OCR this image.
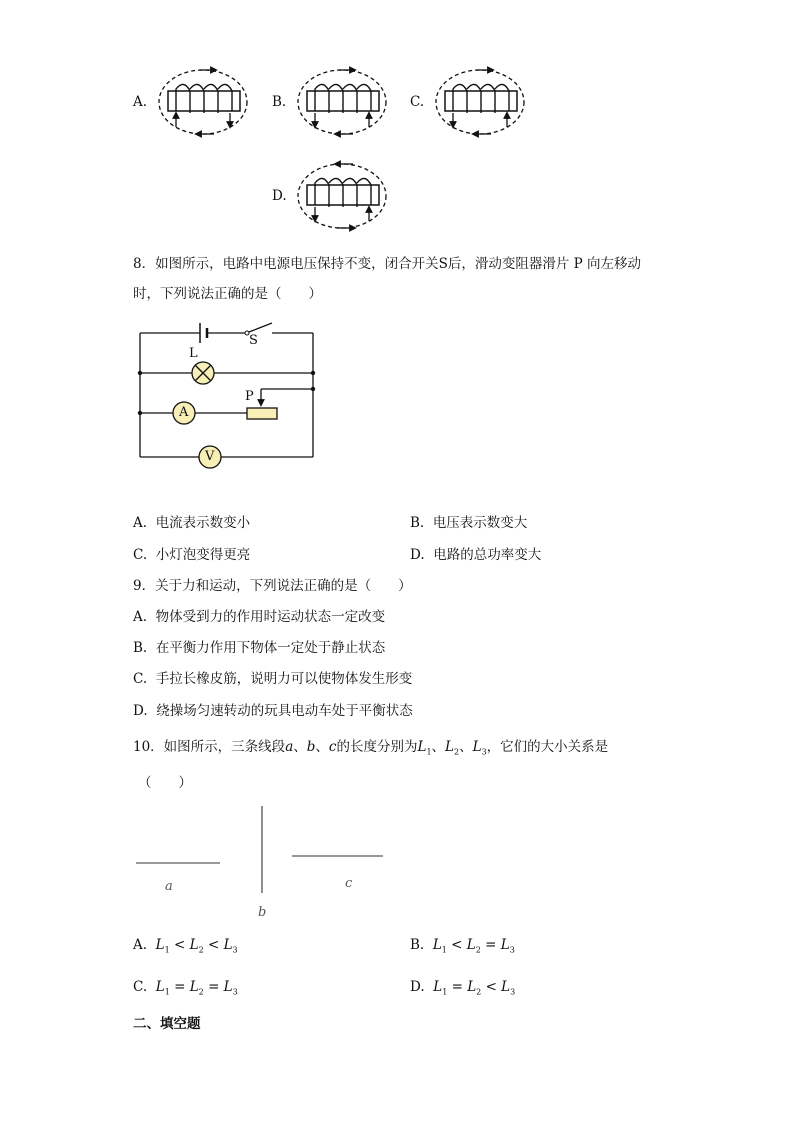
A.	B.	C.
D.
8．如图所示，电路中电源电压保持不变，闭合开关S后，滑动变阻器滑片 P 向左移动
时，下列说法正确的是（　　）
L
S
P
A
V
A. 电流表示数变小	B. 电压表示数变大
C. 小灯泡变得更亮	D. 电路的总功率变大
9．关于力和运动，下列说法正确的是（　　）
A. 物体受到力的作用时运动状态一定改变
B. 在平衡力作用下物体一定处于静止状态
C. 手拉长橡皮筋，说明力可以使物体发生形变
D. 绕操场匀速转动的玩具电动车处于平衡状态
10．如图所示，三条线段a、b、c的长度分别为$L_1$、$L_2$、$L_3$，它们的大小关系是
（　　）
a
b
c
A. $L_1 < L_2 < L_3$	B. $L_1 < L_2 = L_3$
C. $L_1 = L_2 = L_3$	D. $L_1 = L_2 < L_3$
二、填空题
